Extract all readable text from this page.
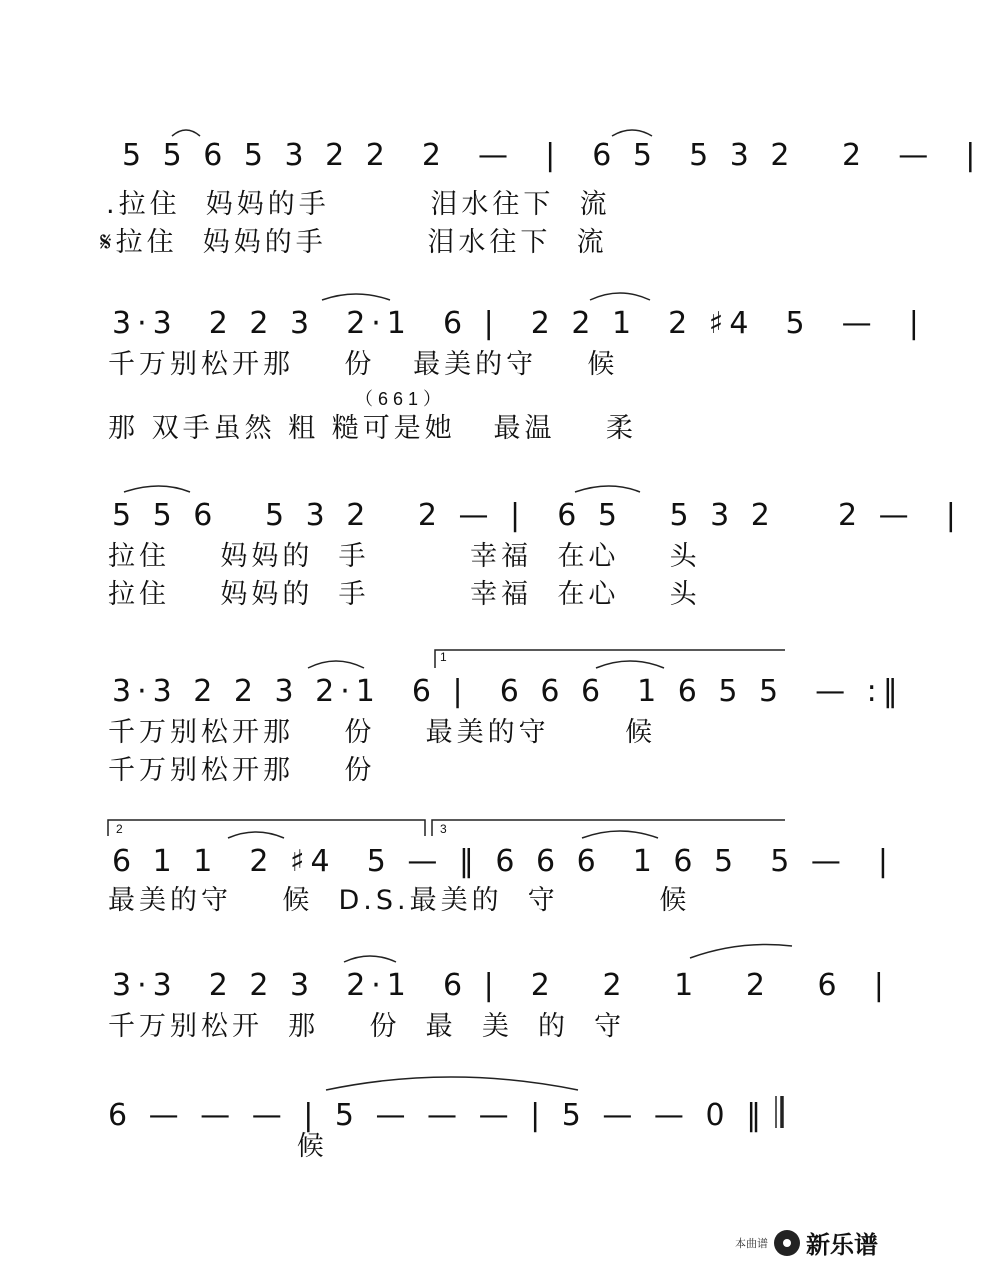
5 5 6 5 3 2 2  2  —  |  6 5  5 3 2   2  —  |
.拉住  妈妈的手        泪水往下  流
𝄋拉住  妈妈的手        泪水往下  流
3·3  2 2 3  2·1  6 |  2 2 1  2 ♯4  5  —  |
千万别松开那    份   最美的守    候
（ 6 6 1 ）
那 双手虽然 粗 糙可是她   最温    柔
5 5 6   5 3 2   2 — |  6 5   5 3 2    2 —  |
拉住    妈妈的  手        幸福  在心    头
拉住    妈妈的  手        幸福  在心    头
1
3·3 2 2 3 2·1  6 |  6 6 6  1 6 5 5  — :‖
千万别松开那    份    最美的守      候
千万别松开那    份
2	3
6 1 1  2 ♯4  5 — ‖ 6 6 6  1 6 5  5 —  |
最美的守    候  D.S.最美的  守        候
3·3  2 2 3  2·1  6 |  2   2   1   2   6  |
千万别松开  那    份  最  美  的  守
6 — — — | 5 — — — | 5 — — 0 ‖
候
本曲谱 新乐谱
